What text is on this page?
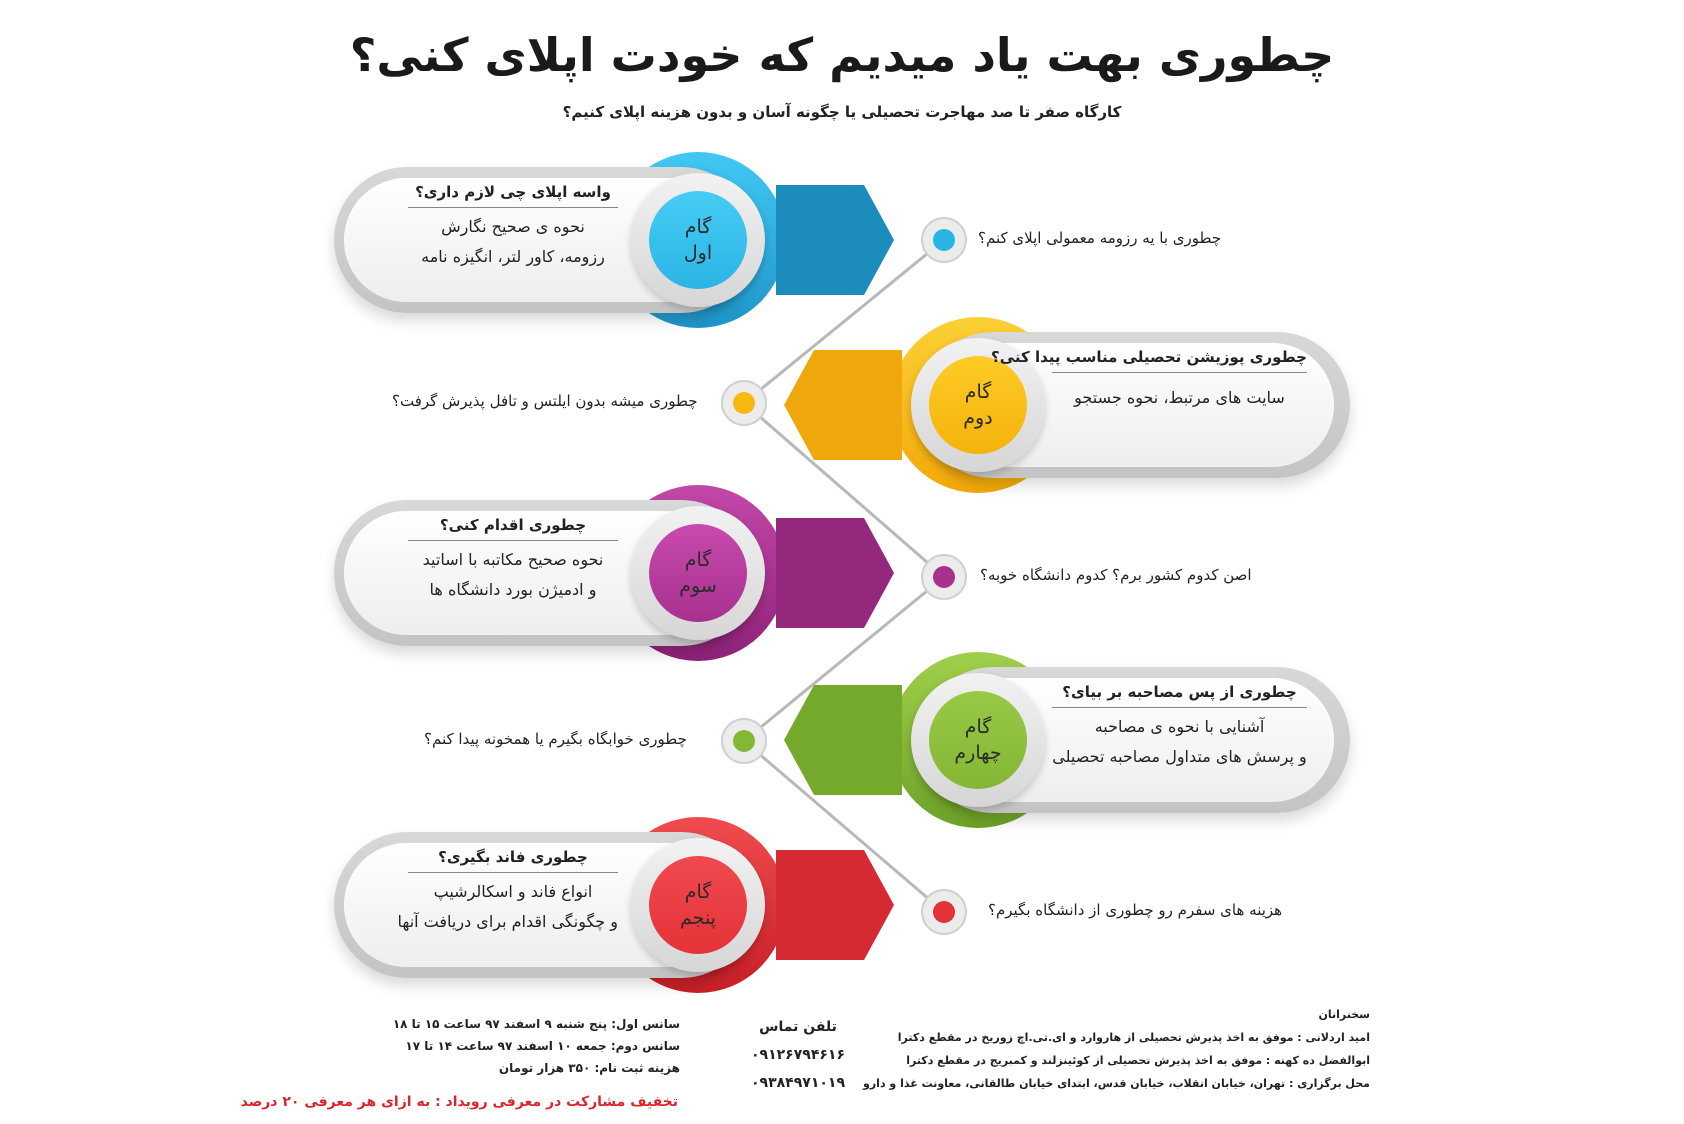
چطوری بهت یاد میدیم که خودت اپلای کنی؟
کارگاه صفر تا صد مهاجرت تحصیلی یا چگونه آسان و بدون هزینه اپلای کنیم؟
گام
اول
واسه اپلای چی لازم داری؟
نحوه ی صحیح نگارش
رزومه، کاور لتر، انگیزه نامه
گام
دوم
چطوری پوزیشن تحصیلی مناسب پیدا کنی؟
سایت های مرتبط، نحوه جستجو
گام
سوم
چطوری اقدام کنی؟
نحوه صحیح مکاتبه با اساتید
و ادمیژن بورد دانشگاه ها
گام
چهارم
چطوری از پس مصاحبه بر بیای؟
آشنایی با نحوه ی مصاحبه
و پرسش های متداول مصاحبه تحصیلی
گام
پنجم
چطوری فاند بگیری؟
انواع فاند و اسکالرشیپ
و چگونگی اقدام برای دریافت آنها
چطوری با یه رزومه معمولی اپلای کنم؟
چطوری میشه بدون ایلتس و تافل پذیرش گرفت؟
اصن کدوم کشور برم؟ کدوم دانشگاه خوبه؟
چطوری خوابگاه بگیرم یا همخونه پیدا کنم؟
هزینه های سفرم رو چطوری از دانشگاه بگیرم؟
سانس اول: پنج شنبه ۹ اسفند ۹۷ ساعت ۱۵ تا ۱۸
سانس دوم: جمعه ۱۰ اسفند ۹۷ ساعت ۱۴ تا ۱۷
هزینه ثبت نام: ۳۵۰ هزار تومان
تخفیف مشارکت در معرفی رویداد : به ازای هر معرفی ۲۰ درصد
تلفن تماس
۰۹۱۲۶۷۹۴۶۱۶
۰۹۳۸۴۹۷۱۰۱۹
سخنرانان
امید اردلانی : موفق به اخذ پذیرش تحصیلی از هاروارد و ای.تی.اچ زوریخ در مقطع دکترا
ابوالفضل ده کهنه : موفق به اخذ پذیرش تحصیلی از کوئینزلند و کمبریج در مقطع دکترا
محل برگزاری : تهران، خیابان انقلاب، خیابان قدس، ابتدای خیابان طالقانی، معاونت غذا و دارو
